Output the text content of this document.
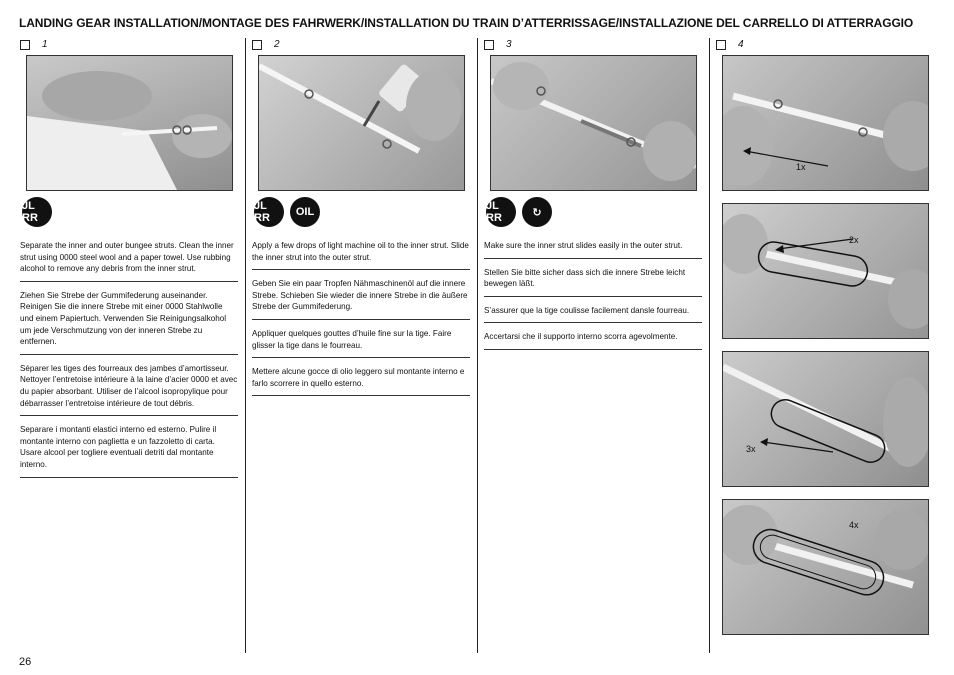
LANDING GEAR INSTALLATION/MONTAGE DES FAHRWERK/INSTALLATION DU TRAIN D’ATTERRISSAGE/INSTALLAZIONE DEL CARRELLO DI ATTERRAGGIO
1	2	3	4
1x
2x
3x
4x
ЈL RR
ЈL RR	OIL	ЈL RR	↻
Separate the inner and outer bungee struts. Clean the inner strut using 0000 steel wool and a paper towel. Use rubbing alcohol to remove any debris from the inner strut.
Ziehen Sie Strebe der Gummifederung auseinander. Reinigen Sie die innere Strebe mit einer 0000 Stahlwolle und einem Papiertuch. Verwenden Sie Reinigungsalkohol um jede Verschmutzung von der inneren Strebe zu entfernen.
Séparer les tiges des fourreaux des jambes d’amortisseur. Nettoyer l’entretoise intérieure à la laine d’acier 0000 et avec du papier absorbant. Utiliser de l’alcool isopropylique pour débarrasser l’entretoise intérieure de tout débris.
Separare i montanti elastici interno ed esterno. Pulire il montante interno con paglietta e un fazzoletto di carta. Usare alcool per togliere eventuali detriti dal montante interno.
Apply a few drops of light machine oil to the inner strut. Slide the inner strut into the outer strut.
Geben Sie ein paar Tropfen Nähmaschinenöl auf die innere Strebe. Schieben Sie wieder die innere Strebe in die äußere Strebe der Gummifederung.
Appliquer quelques gouttes d’huile fine sur la tige. Faire glisser la tige dans le fourreau.
Mettere alcune gocce di olio leggero sul montante interno e farlo scorrere in quello esterno.
Make sure the inner strut slides easily in the outer strut.
Stellen Sie bitte sicher dass sich die innere Strebe leicht bewegen läßt.
S’assurer que la tige coulisse facilement dansle fourreau.
Accertarsi che il supporto interno scorra agevolmente.
26
